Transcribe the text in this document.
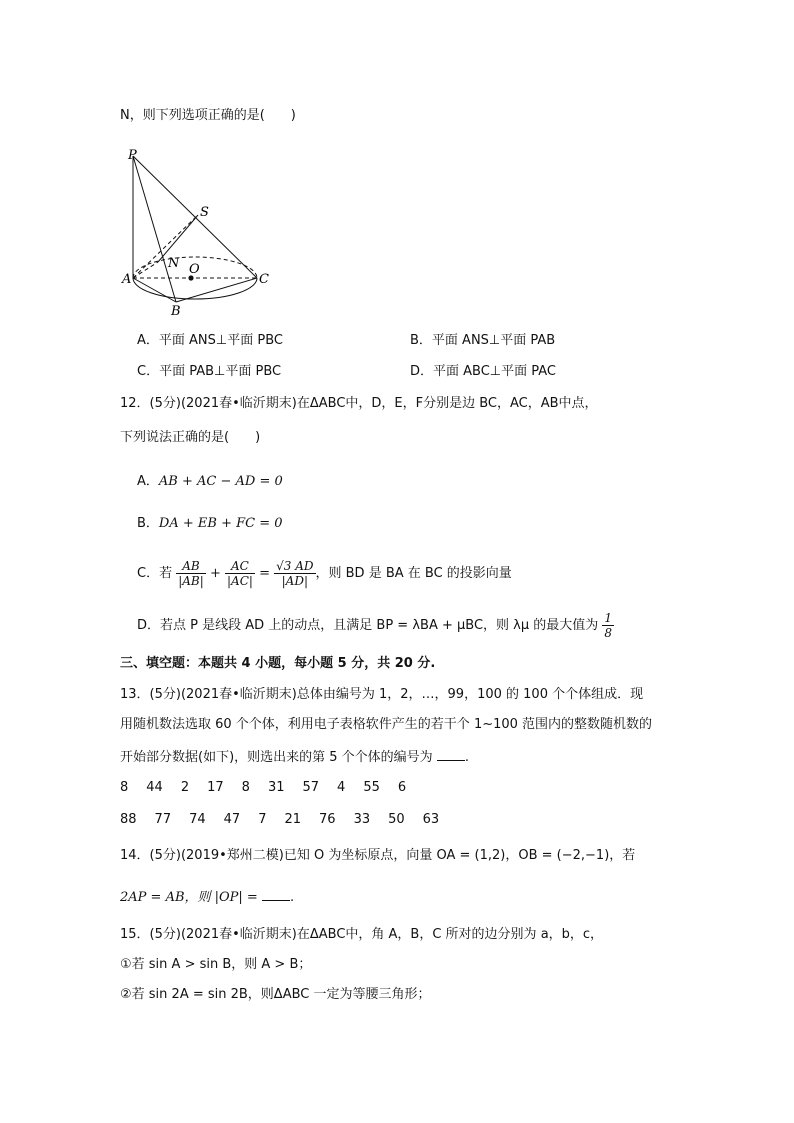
N，则下列选项正确的是(　　)
P
S
A
N O
C
B
A．平面 ANS⊥平面 PBC	B．平面 ANS⊥平面 PAB
C．平面 PAB⊥平面 PBC	D．平面 ABC⊥平面 PAC
12．(5分)(2021春•临沂期末)在ΔABC中，D，E，F分别是边 BC，AC，AB中点，
下列说法正确的是(　　)
A．AB + AC − AD = 0
B．DA + EB + FC = 0
C．若 $\frac{AB}{|AB|} + \frac{AC}{|AC|} = \frac{√3 AD}{|AD|}$ ，则 BD 是 BA 在 BC 的投影向量
D．若点 P 是线段 AD 上的动点，且满足 BP = λBA + μBC，则 λμ 的最大值为 $\frac{1}{8}$
三、填空题：本题共 4 小题，每小题 5 分，共 20 分.
13．(5分)(2021春•临沂期末)总体由编号为 1，2，…，99，100 的 100 个个体组成．现
用随机数法选取 60 个个体，利用电子表格软件产生的若干个 1~100 范围内的整数随机数的
开始部分数据(如下)，则选出来的第 5 个个体的编号为 .
8 44 2 17 8 31 57 4 55 6
88 77 74 47 7 21 76 33 50 63
14．(5分)(2019•郑州二模)已知 O 为坐标原点，向量 OA = (1,2)，OB = (−2,−1)，若
2AP = AB，则 |OP| = .
15．(5分)(2021春•临沂期末)在ΔABC中，角 A，B，C 所对的边分别为 a，b，c，
①若 sin A > sin B，则 A > B；
②若 sin 2A = sin 2B，则ΔABC 一定为等腰三角形；
